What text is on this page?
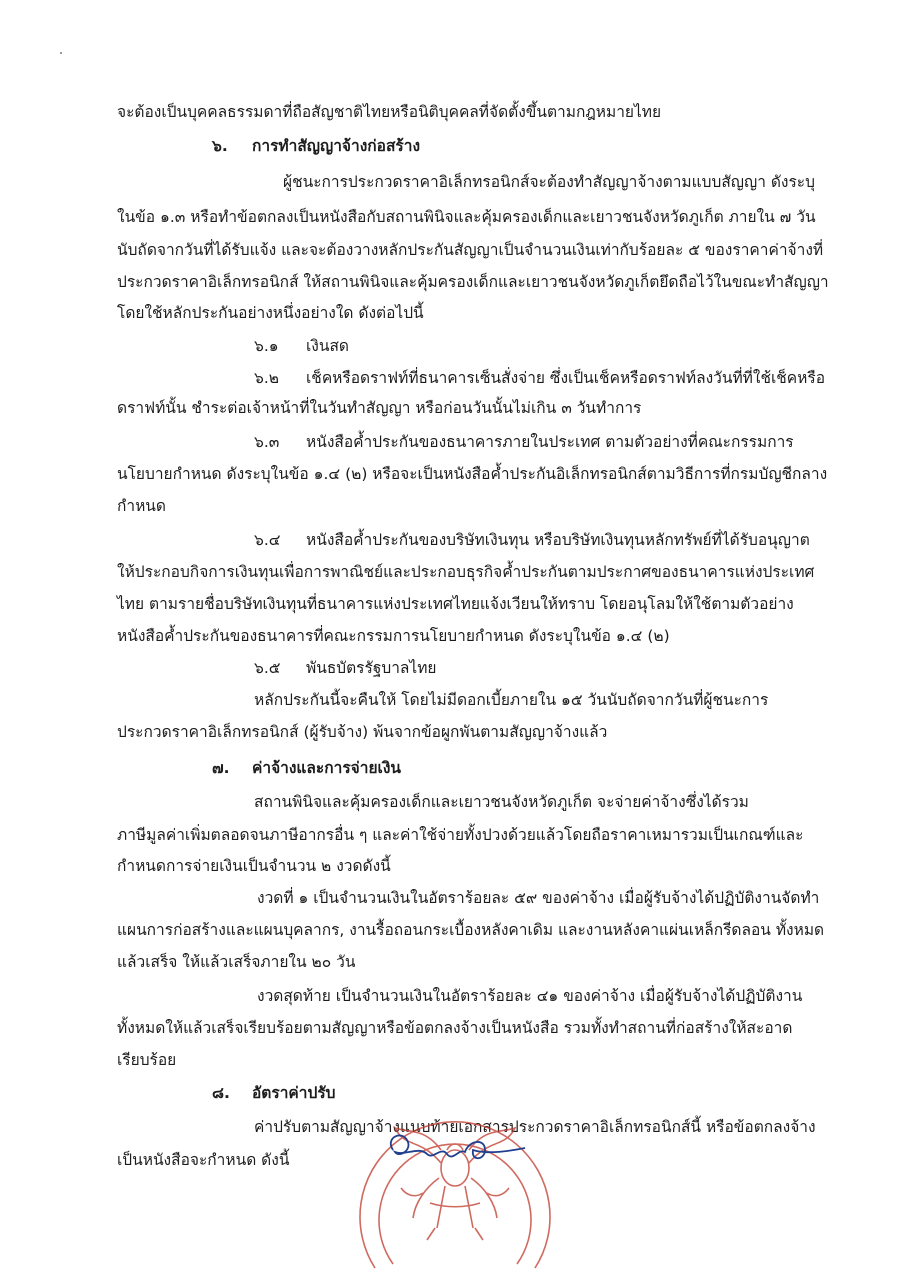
จะต้องเป็นบุคคลธรรมดาที่ถือสัญชาติไทยหรือนิติบุคคลที่จัดตั้งขึ้นตามกฎหมายไทย
๖. การทำสัญญาจ้างก่อสร้าง
ผู้ชนะการประกวดราคาอิเล็กทรอนิกส์จะต้องทำสัญญาจ้างตามแบบสัญญา ดังระบุ
ในข้อ ๑.๓ หรือทำข้อตกลงเป็นหนังสือกับสถานพินิจและคุ้มครองเด็กและเยาวชนจังหวัดภูเก็ต ภายใน ๗ วัน
นับถัดจากวันที่ได้รับแจ้ง และจะต้องวางหลักประกันสัญญาเป็นจำนวนเงินเท่ากับร้อยละ ๕ ของราคาค่าจ้างที่
ประกวดราคาอิเล็กทรอนิกส์ ให้สถานพินิจและคุ้มครองเด็กและเยาวชนจังหวัดภูเก็ตยึดถือไว้ในขณะทำสัญญา
โดยใช้หลักประกันอย่างหนึ่งอย่างใด ดังต่อไปนี้
๖.๑ เงินสด
๖.๒ เช็คหรือดราฟท์ที่ธนาคารเซ็นสั่งจ่าย ซึ่งเป็นเช็คหรือดราฟท์ลงวันที่ที่ใช้เช็คหรือ
ดราฟท์นั้น ชำระต่อเจ้าหน้าที่ในวันทำสัญญา หรือก่อนวันนั้นไม่เกิน ๓ วันทำการ
๖.๓ หนังสือค้ำประกันของธนาคารภายในประเทศ ตามตัวอย่างที่คณะกรรมการ
นโยบายกำหนด ดังระบุในข้อ ๑.๔ (๒) หรือจะเป็นหนังสือค้ำประกันอิเล็กทรอนิกส์ตามวิธีการที่กรมบัญชีกลาง
กำหนด
๖.๔ หนังสือค้ำประกันของบริษัทเงินทุน หรือบริษัทเงินทุนหลักทรัพย์ที่ได้รับอนุญาต
ให้ประกอบกิจการเงินทุนเพื่อการพาณิชย์และประกอบธุรกิจค้ำประกันตามประกาศของธนาคารแห่งประเทศ
ไทย ตามรายชื่อบริษัทเงินทุนที่ธนาคารแห่งประเทศไทยแจ้งเวียนให้ทราบ โดยอนุโลมให้ใช้ตามตัวอย่าง
หนังสือค้ำประกันของธนาคารที่คณะกรรมการนโยบายกำหนด ดังระบุในข้อ ๑.๔ (๒)
๖.๕ พันธบัตรรัฐบาลไทย
หลักประกันนี้จะคืนให้ โดยไม่มีดอกเบี้ยภายใน ๑๕ วันนับถัดจากวันที่ผู้ชนะการ
ประกวดราคาอิเล็กทรอนิกส์ (ผู้รับจ้าง) พ้นจากข้อผูกพันตามสัญญาจ้างแล้ว
๗. ค่าจ้างและการจ่ายเงิน
สถานพินิจและคุ้มครองเด็กและเยาวชนจังหวัดภูเก็ต จะจ่ายค่าจ้างซึ่งได้รวม
ภาษีมูลค่าเพิ่มตลอดจนภาษีอากรอื่น ๆ และค่าใช้จ่ายทั้งปวงด้วยแล้วโดยถือราคาเหมารวมเป็นเกณฑ์และ
กำหนดการจ่ายเงินเป็นจำนวน ๒ งวดดังนี้
งวดที่ ๑ เป็นจำนวนเงินในอัตราร้อยละ ๕๙ ของค่าจ้าง เมื่อผู้รับจ้างได้ปฏิบัติงานจัดทำ
แผนการก่อสร้างและแผนบุคลากร, งานรื้อถอนกระเบื้องหลังคาเดิม และงานหลังคาแผ่นเหล็กรีดลอน ทั้งหมด
แล้วเสร็จ ให้แล้วเสร็จภายใน ๒๐ วัน
งวดสุดท้าย เป็นจำนวนเงินในอัตราร้อยละ ๔๑ ของค่าจ้าง เมื่อผู้รับจ้างได้ปฏิบัติงาน
ทั้งหมดให้แล้วเสร็จเรียบร้อยตามสัญญาหรือข้อตกลงจ้างเป็นหนังสือ รวมทั้งทำสถานที่ก่อสร้างให้สะอาด
เรียบร้อย
๘. อัตราค่าปรับ
ค่าปรับตามสัญญาจ้างแนบท้ายเอกสารประกวดราคาอิเล็กทรอนิกส์นี้ หรือข้อตกลงจ้าง
เป็นหนังสือจะกำหนด ดังนี้
